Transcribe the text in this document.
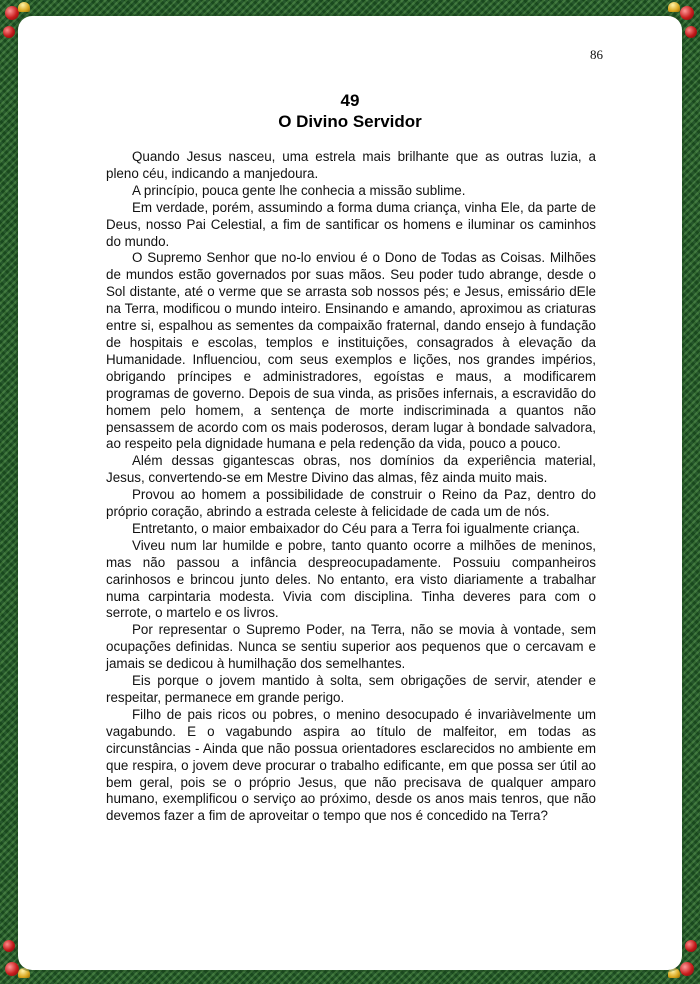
86
49
O Divino Servidor

Quando Jesus nasceu, uma estrela mais brilhante que as outras luzia, a pleno céu, indicando a manjedoura.

A princípio, pouca gente lhe conhecia a missão sublime.

Em verdade, porém, assumindo a forma duma criança, vinha Ele, da parte de Deus, nosso Pai Celestial, a fim de santificar os homens e iluminar os caminhos do mundo.

O Supremo Senhor que no-lo enviou é o Dono de Todas as Coisas. Milhões de mundos estão governados por suas mãos. Seu poder tudo abrange, desde o Sol distante, até o verme que se arrasta sob nossos pés; e Jesus, emissário dEle na Terra, modificou o mundo inteiro. Ensinando e amando, aproximou as criaturas entre si, espalhou as sementes da compaixão fraternal, dando ensejo à fundação de hospitais e escolas, templos e instituições, consagrados à elevação da Humanidade. Influenciou, com seus exemplos e lições, nos grandes impérios, obrigando príncipes e administradores, egoístas e maus, a modificarem programas de governo. Depois de sua vinda, as prisões infernais, a escravidão do homem pelo homem, a sentença de morte indiscriminada a quantos não pensassem de acordo com os mais poderosos, deram lugar à bondade salvadora, ao respeito pela dignidade humana e pela redenção da vida, pouco a pouco.

Além dessas gigantescas obras, nos domínios da experiência material, Jesus, convertendo-se em Mestre Divino das almas, fêz ainda muito mais.

Provou ao homem a possibilidade de construir o Reino da Paz, dentro do próprio coração, abrindo a estrada celeste à felicidade de cada um de nós.

Entretanto, o maior embaixador do Céu para a Terra foi igualmente criança.

Viveu num lar humilde e pobre, tanto quanto ocorre a milhões de meninos, mas não passou a infância despreocupadamente. Possuiu companheiros carinhosos e brincou junto deles. No entanto, era visto diariamente a trabalhar numa carpintaria modesta. Vivia com disciplina. Tinha deveres para com o serrote, o martelo e os livros.

Por representar o Supremo Poder, na Terra, não se movia à vontade, sem ocupações definidas. Nunca se sentiu superior aos pequenos que o cercavam e jamais se dedicou à humilhação dos semelhantes.

Eis porque o jovem mantido à solta, sem obrigações de servir, atender e respeitar, permanece em grande perigo.

Filho de pais ricos ou pobres, o menino desocupado é invariàvelmente um vagabundo. E o vagabundo aspira ao título de malfeitor, em todas as circunstâncias - Ainda que não possua orientadores esclarecidos no ambiente em que respira, o jovem deve procurar o trabalho edificante, em que possa ser útil ao bem geral, pois se o próprio Jesus, que não precisava de qualquer amparo humano, exemplificou o serviço ao próximo, desde os anos mais tenros, que não devemos fazer a fim de aproveitar o tempo que nos é concedido na Terra?
